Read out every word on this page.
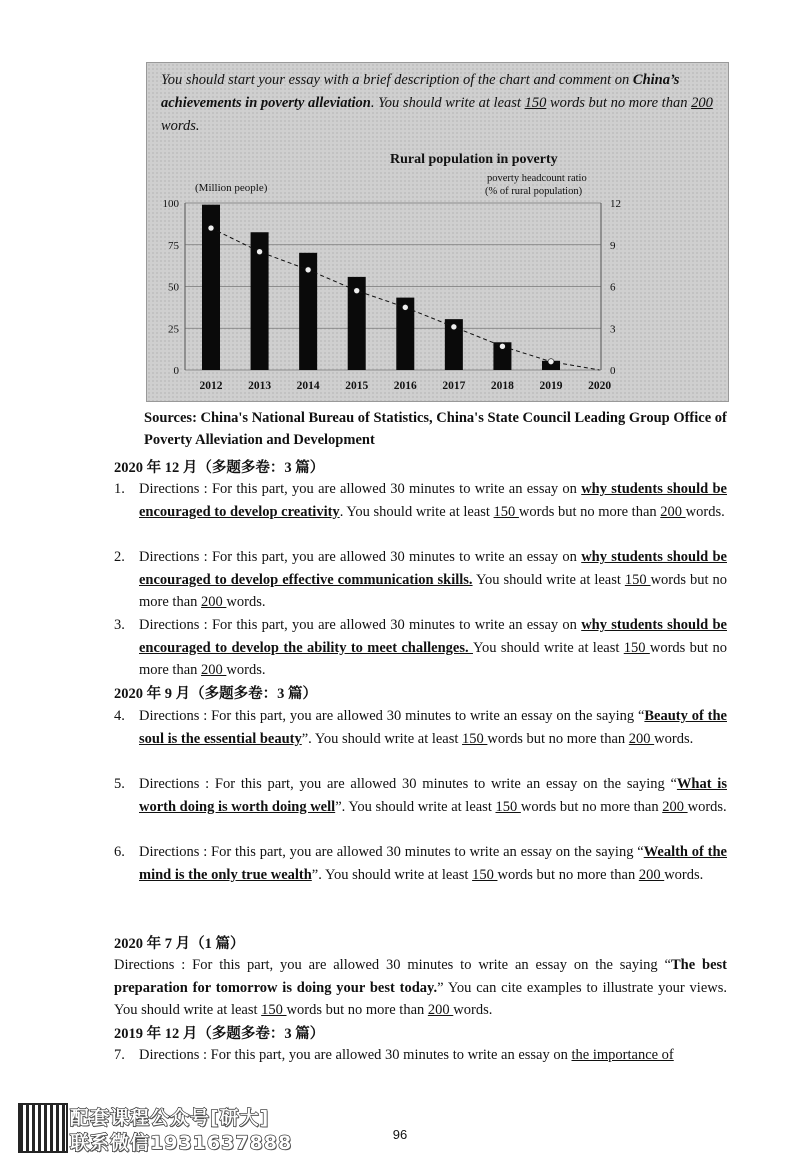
You should start your essay with a brief description of the chart and comment on China’s achievements in poverty alleviation. You should write at least 150 words but no more than 200 words.
Rural population in poverty
(Million people)
poverty headcount ratio
(% of rural population)
0
25
50
75
100
0
3
6
9
12
2012 2013 2014 2015 2016 2017 2018 2019 2020
Sources: China's National Bureau of Statistics, China's State Council Leading Group Office of Poverty Alleviation and Development
2020 年 12 月（多题多卷：3 篇）
1. Directions : For this part, you are allowed 30 minutes to write an essay on why students should be encouraged to develop creativity. You should write at least 150 words but no more than 200 words.
2. Directions : For this part, you are allowed 30 minutes to write an essay on why students should be encouraged to develop effective communication skills. You should write at least 150 words but no more than 200 words.
3. Directions : For this part, you are allowed 30 minutes to write an essay on why students should be encouraged to develop the ability to meet challenges. You should write at least 150 words but no more than 200 words.
2020 年 9 月（多题多卷：3 篇）
4. Directions : For this part, you are allowed 30 minutes to write an essay on the saying “Beauty of the soul is the essential beauty”. You should write at least 150 words but no more than 200 words.
5. Directions : For this part, you are allowed 30 minutes to write an essay on the saying “What is worth doing is worth doing well”. You should write at least 150 words but no more than 200 words.
6. Directions : For this part, you are allowed 30 minutes to write an essay on the saying “Wealth of the mind is the only true wealth”. You should write at least 150 words but no more than 200 words.
2020 年 7 月（1 篇）
Directions : For this part, you are allowed 30 minutes to write an essay on the saying “The best preparation for tomorrow is doing your best today.” You can cite examples to illustrate your views. You should write at least 150 words but no more than 200 words.
2019 年 12 月（多题多卷：3 篇）
7. Directions : For this part, you are allowed 30 minutes to write an essay on the importance of
96
配套课程公众号[研大]
联系微信1931637888
